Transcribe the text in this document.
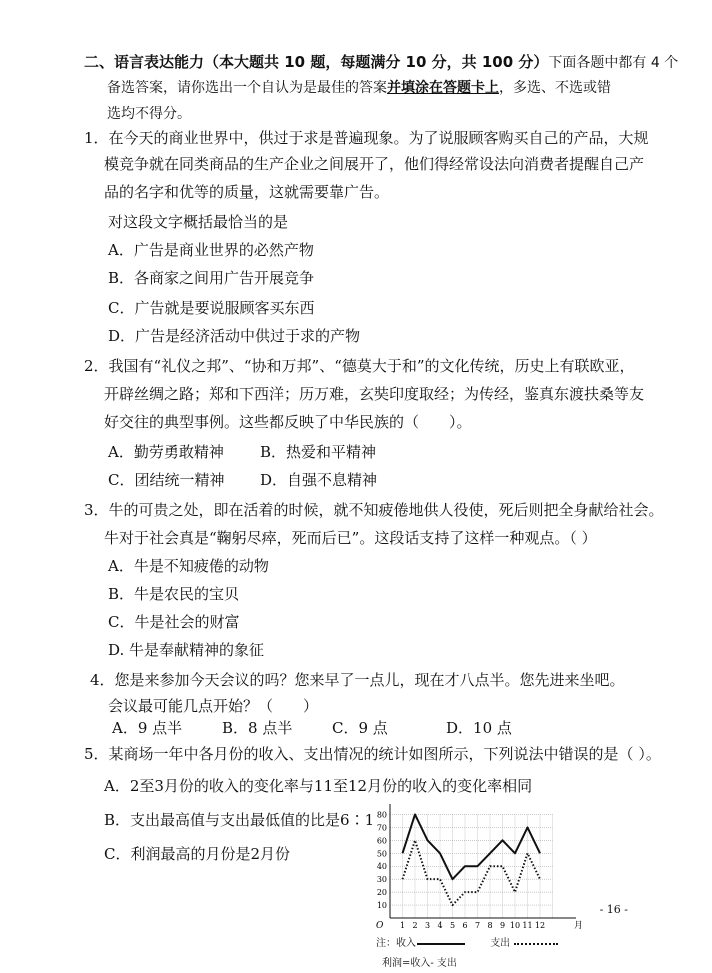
二、语言表达能力（本大题共 10 题，每题满分 10 分，共 100 分）下面各题中都有 4 个
备选答案，请你选出一个自认为是最佳的答案并填涂在答题卡上，多选、不选或错
选均不得分。
1．在今天的商业世界中，供过于求是普遍现象。为了说服顾客购买自己的产品，大规
模竞争就在同类商品的生产企业之间展开了，他们得经常设法向消费者提醒自己产
品的名字和优等的质量，这就需要靠广告。
对这段文字概括最恰当的是
A．广告是商业世界的必然产物
B．各商家之间用广告开展竞争
C．广告就是要说服顾客买东西
D．广告是经济活动中供过于求的产物
2．我国有“礼仪之邦”、“协和万邦”、“德莫大于和”的文化传统，历史上有联欧亚，
开辟丝绸之路；郑和下西洋；历万难，玄奘印度取经；为传经，鉴真东渡扶桑等友
好交往的典型事例。这些都反映了中华民族的（　　）。
A．勤劳勇敢精神 B．热爱和平精神
C．团结统一精神 D．自强不息精神
3．牛的可贵之处，即在活着的时候，就不知疲倦地供人役使，死后则把全身献给社会。
牛对于社会真是“鞠躬尽瘁，死而后已”。这段话支持了这样一种观点。（ ）
A．牛是不知疲倦的动物
B．牛是农民的宝贝
C．牛是社会的财富
D. 牛是奉献精神的象征
4．您是来参加今天会议的吗？您来早了一点儿，现在才八点半。您先进来坐吧。
会议最可能几点开始？（　　）
A．9 点半	B．8 点半	C．9 点	D．10 点
5．某商场一年中各月份的收入、支出情况的统计如图所示，下列说法中错误的是（ ）。
A．2至3月份的收入的变化率与11至12月份的收入的变化率相同
B．支出最高值与支出最低值的比是6∶1
C．利润最高的月份是2月份
10
20
30
40
50
60
70
80
1 2 3 4 5 6 7 8 9 10 11 12
O	月
注：收入	支出
利润=收入- 支出
- 16 -
